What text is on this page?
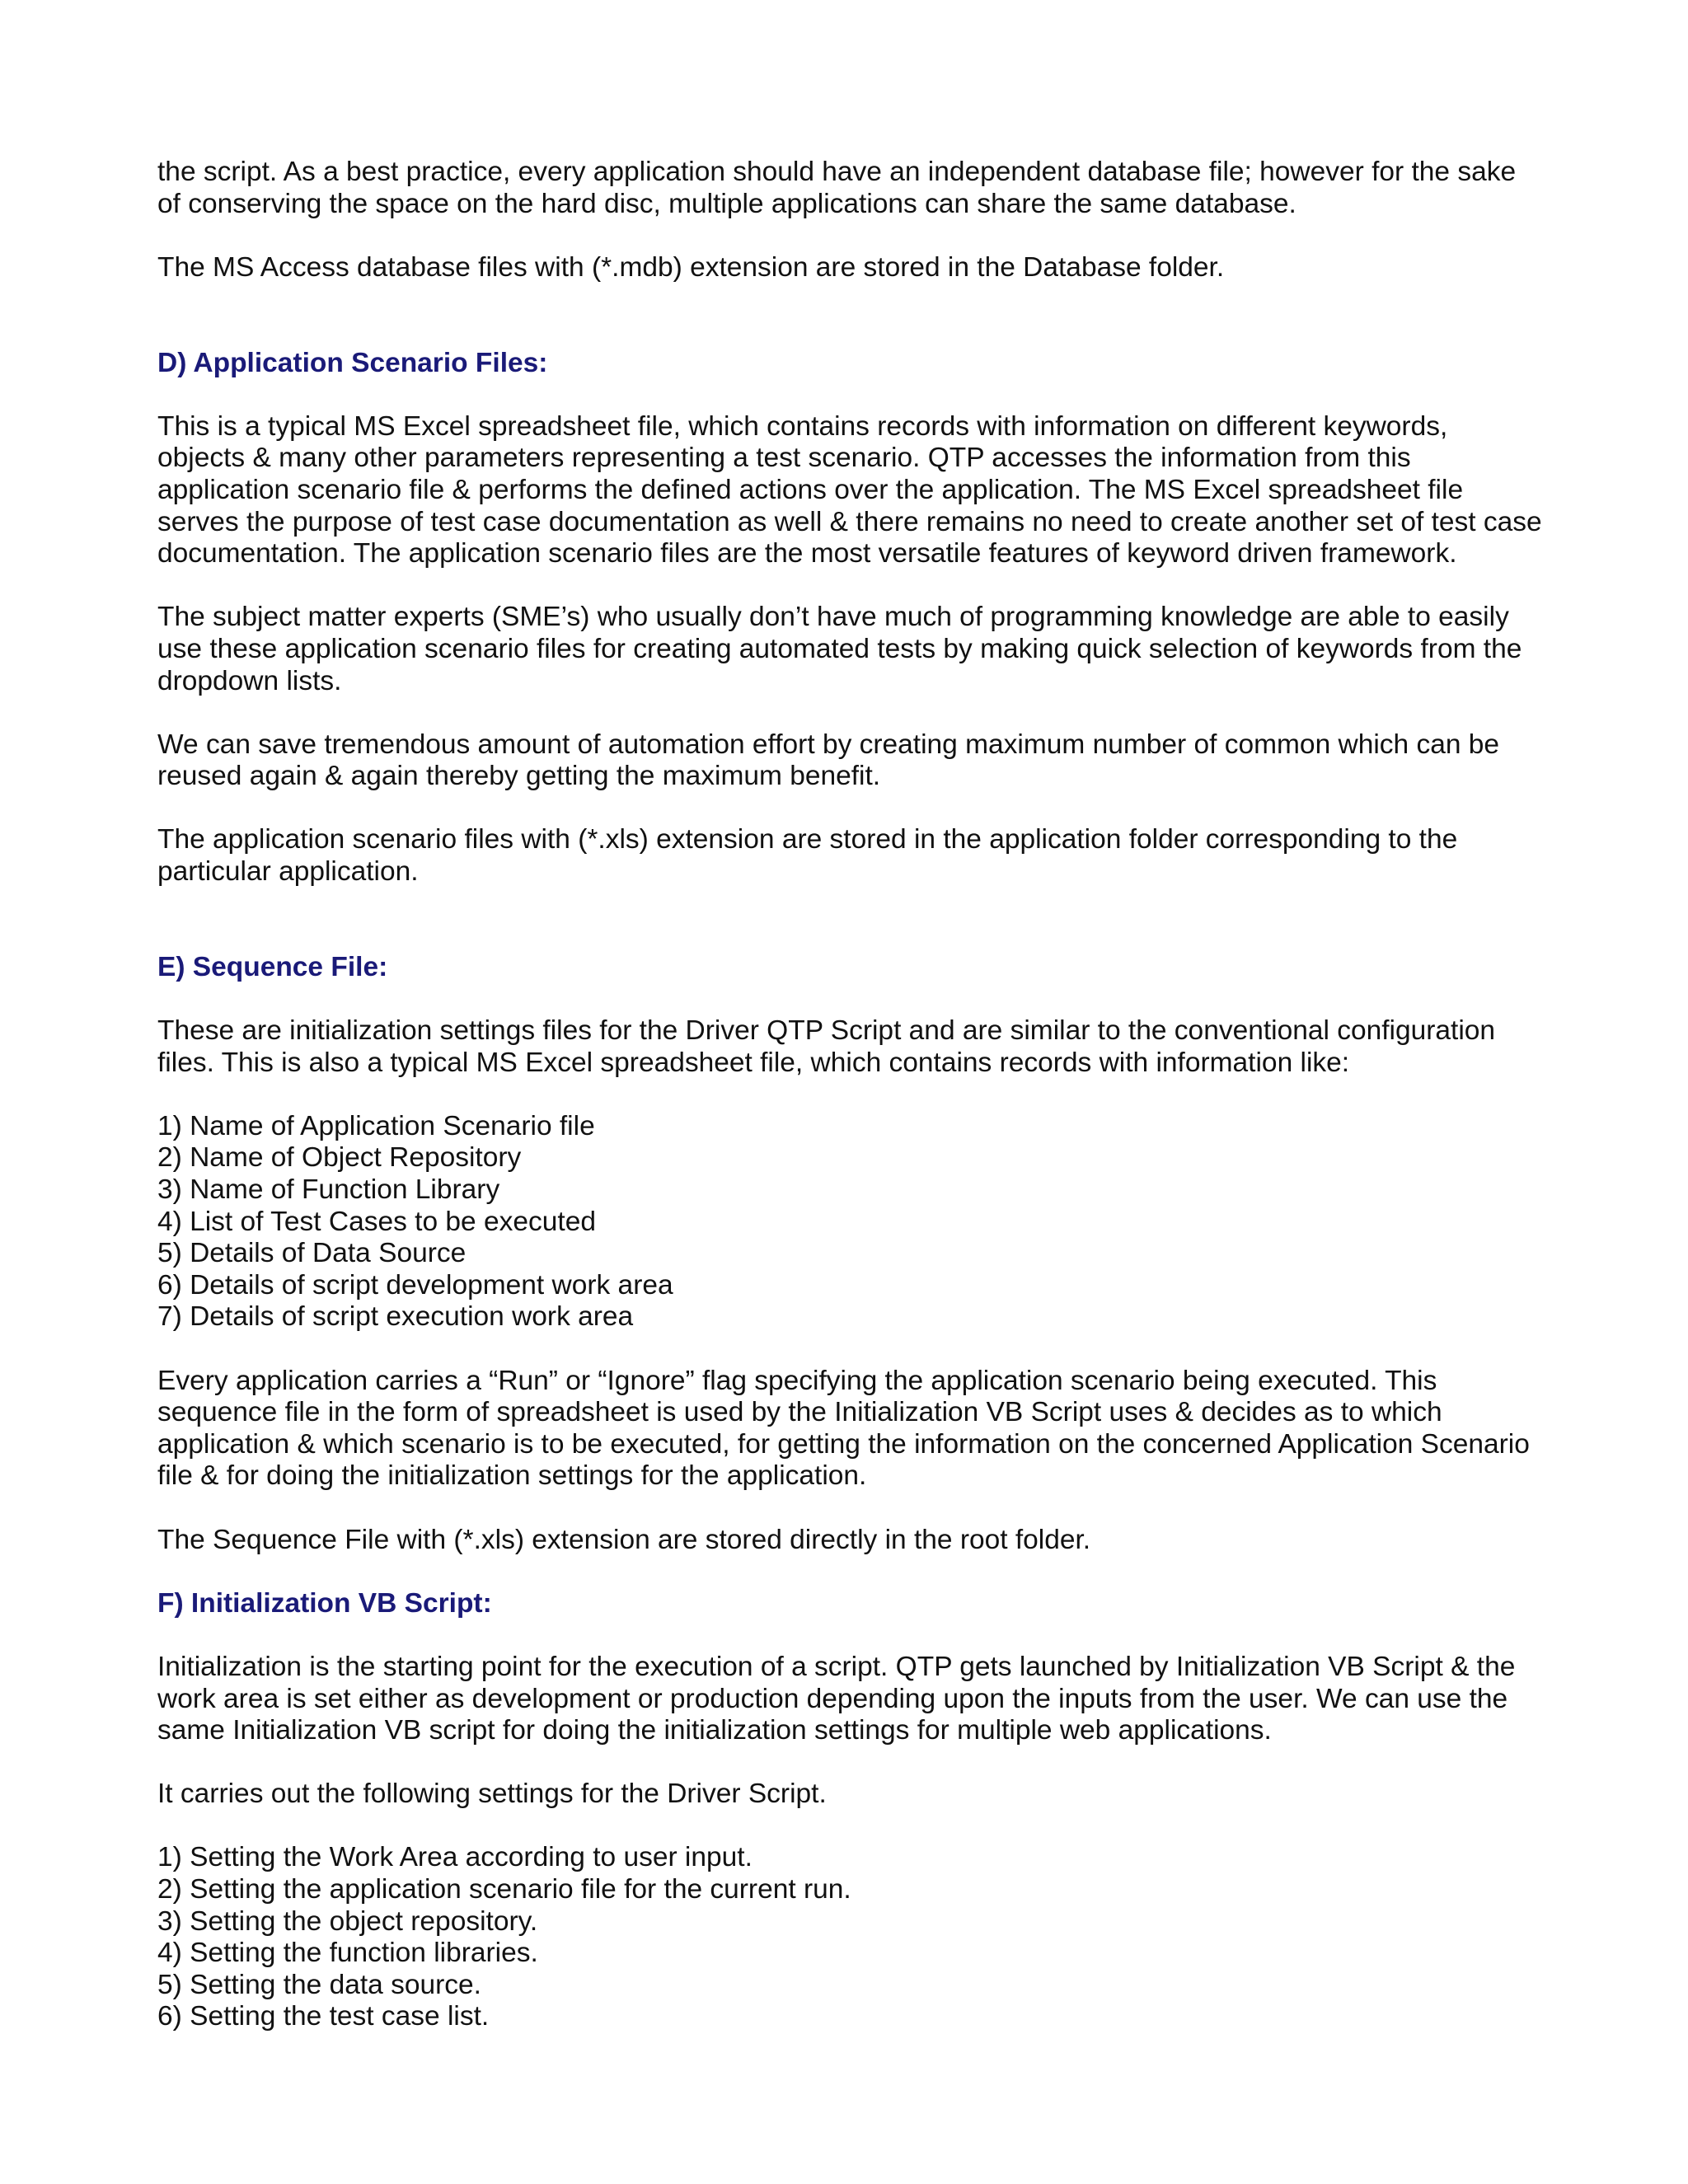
the script. As a best practice, every application should have an independent database file; however for the sake of conserving the space on the hard disc, multiple applications can share the same database.

The MS Access database files with (*.mdb) extension are stored in the Database folder.

D) Application Scenario Files:

This is a typical MS Excel spreadsheet file, which contains records with information on different keywords, objects & many other parameters representing a test scenario. QTP accesses the information from this application scenario file & performs the defined actions over the application. The MS Excel spreadsheet file serves the purpose of test case documentation as well & there remains no need to create another set of test case documentation. The application scenario files are the most versatile features of keyword driven framework.

The subject matter experts (SME’s) who usually don’t have much of programming knowledge are able to easily use these application scenario files for creating automated tests by making quick selection of keywords from the dropdown lists.

We can save tremendous amount of automation effort by creating maximum number of common which can be reused again & again thereby getting the maximum benefit.

The application scenario files with (*.xls) extension are stored in the application folder corresponding to the particular application.

E) Sequence File:

These are initialization settings files for the Driver QTP Script and are similar to the conventional configuration files. This is also a typical MS Excel spreadsheet file, which contains records with information like:

1) Name of Application Scenario file
2) Name of Object Repository
3) Name of Function Library
4) List of Test Cases to be executed
5) Details of Data Source
6) Details of script development work area
7) Details of script execution work area

Every application carries a “Run” or “Ignore” flag specifying the application scenario being executed. This sequence file in the form of spreadsheet is used by the Initialization VB Script uses & decides as to which application & which scenario is to be executed, for getting the information on the concerned Application Scenario file & for doing the initialization settings for the application.

The Sequence File with (*.xls) extension are stored directly in the root folder.

F) Initialization VB Script:

Initialization is the starting point for the execution of a script. QTP gets launched by Initialization VB Script & the work area is set either as development or production depending upon the inputs from the user. We can use the same Initialization VB script for doing the initialization settings for multiple web applications.

It carries out the following settings for the Driver Script.

1) Setting the Work Area according to user input.
2) Setting the application scenario file for the current run.
3) Setting the object repository.
4) Setting the function libraries.
5) Setting the data source.
6) Setting the test case list.
